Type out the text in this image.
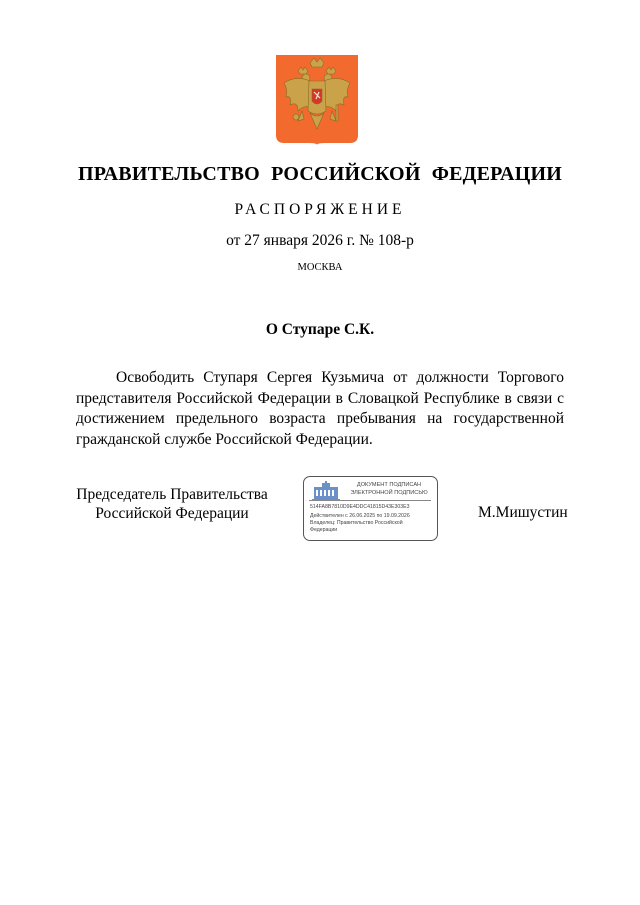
ПРАВИТЕЛЬСТВО РОССИЙСКОЙ ФЕДЕРАЦИИ
РАСПОРЯЖЕНИЕ
от 27 января 2026 г. № 108-р
МОСКВА
О Ступаре С.К.

Освободить Ступаря Сергея Кузьмича от должности Торгового представителя Российской Федерации в Словацкой Республике в связи с достижением предельного возраста пребывания на государственной гражданской службе Российской Федерации.

Председатель Правительства
Российской Федерации
ДОКУМЕНТ ПОДПИСАН
ЭЛЕКТРОННОЙ ПОДПИСЬЮ
514FA8B7810D9E4DDC41815D43E303E3
Действителен с 26.06.2025 по 19.09.2026
Владелец: Правительство Российской
Федерации
М.Мишустин
